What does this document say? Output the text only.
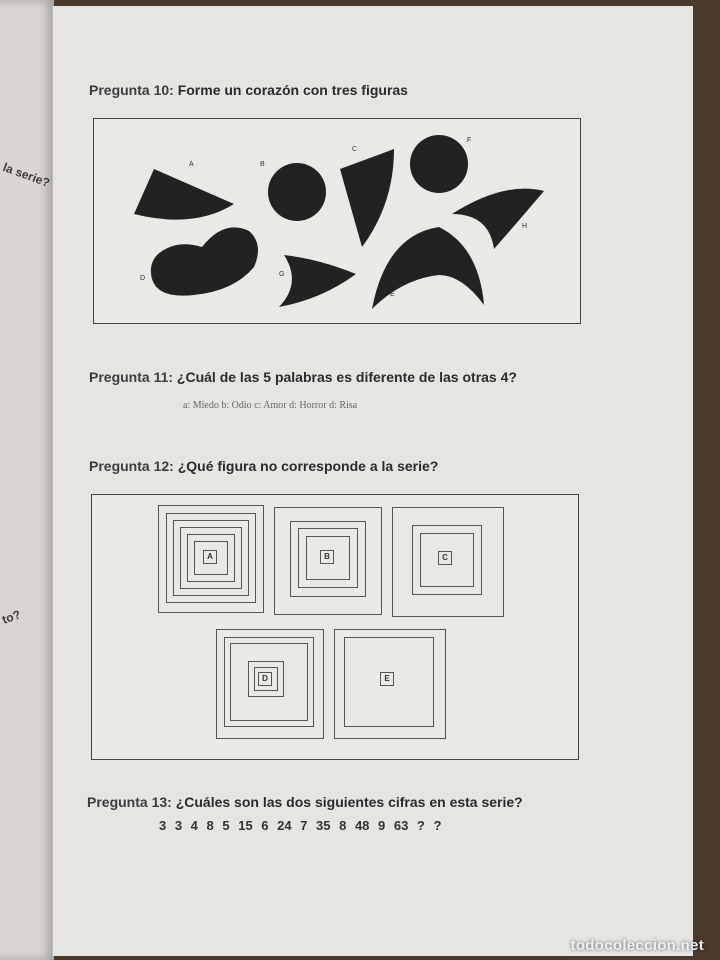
la serie?
to?
Pregunta 10: Forme un corazón con tres figuras
A	B
C
D
E
F
G
H
Pregunta 11: ¿Cuál de las 5 palabras es diferente de las otras 4?
a: Miedo b: Odio c: Amor d: Horror d: Risa
Pregunta 12: ¿Qué figura no corresponde a la serie?
A	B	C
D	E
Pregunta 13: ¿Cuáles son las dos siguientes cifras en esta serie?
3 3 4 8 5 15 6 24 7 35 8 48 9 63 ? ?
todocoleccion.net
